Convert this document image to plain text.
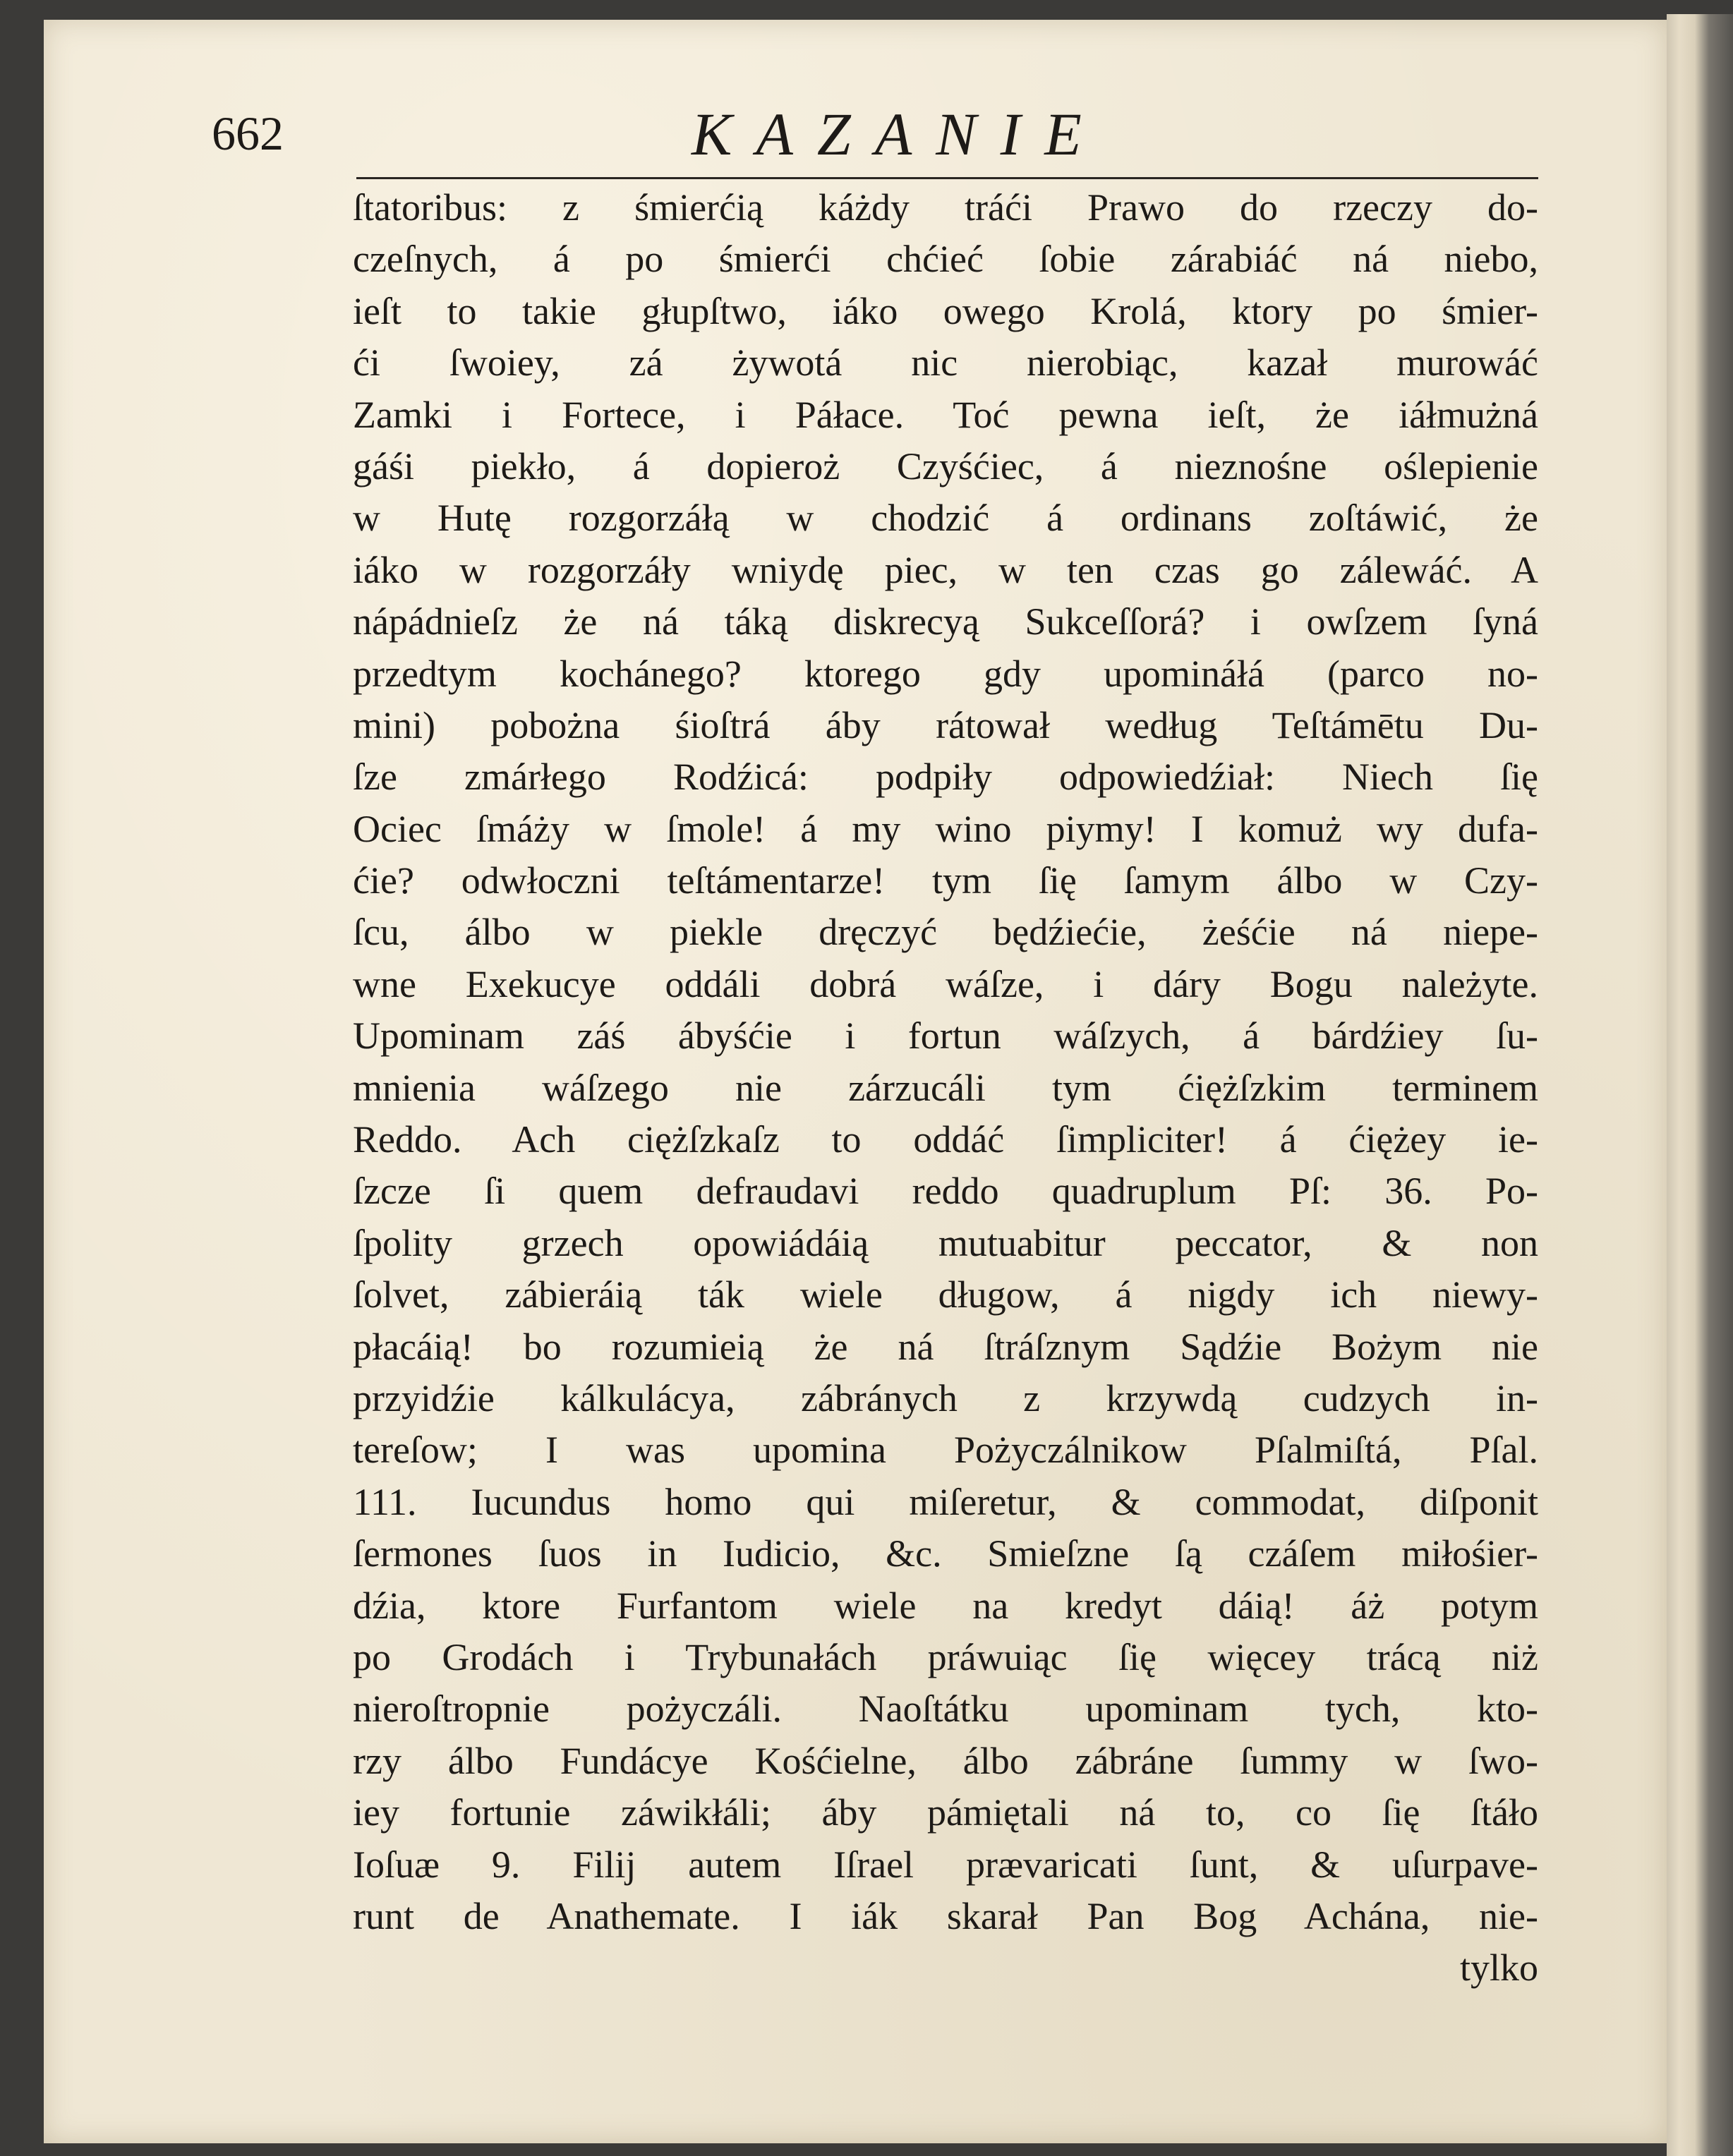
662	KAZANIE
ſtatoribus: z śmierćią káżdy tráći Prawo do rzeczy do-
czeſnych, á po śmierći chćieć ſobie zárabiáć ná niebo,
ieſt to takie głupſtwo, iáko owego Krolá, ktory po śmier-
ći ſwoiey, zá żywotá nic nierobiąc, kazał murowáć
Zamki i Fortece, i Páłace. Toć pewna ieſt, że iáłmużná
gáśi piekło, á dopieroż Czyśćiec, á nieznośne oślepienie
w Hutę rozgorzáłą w chodzić á ordinans zoſtáwić, że
iáko w rozgorzáły wniydę piec, w ten czas go zálewáć. A
nápádnieſz że ná táką diskrecyą Sukceſſorá? i owſzem ſyná
przedtym kochánego? ktorego gdy upomináłá (parco no-
mini) pobożna śioſtrá áby rátował według Teſtámētu Du-
ſze zmárłego Rodźicá: podpiły odpowiedźiał: Niech ſię
Ociec ſmáży w ſmole! á my wino piymy! I komuż wy dufa-
ćie? odwłoczni teſtámentarze! tym ſię ſamym álbo w Czy-
ſcu, álbo w piekle dręczyć będźiećie, żeśćie ná niepe-
wne Exekucye oddáli dobrá wáſze, i dáry Bogu należyte.
Upominam záś ábyśćie i fortun wáſzych, á bárdźiey ſu-
mnienia wáſzego nie zárzucáli tym ćiężſzkim terminem
Reddo. Ach ciężſzkaſz to oddáć ſimpliciter! á ćiężey ie-
ſzcze ſi quem defraudavi reddo quadruplum Pſ: 36. Po-
ſpolity grzech opowiádáią mutuabitur peccator, & non
ſolvet, zábieráią ták wiele długow, á nigdy ich niewy-
płacáią! bo rozumieią że ná ſtráſznym Sądźie Bożym nie
przyidźie kálkulácya, zábránych z krzywdą cudzych in-
tereſow; I was upomina Pożyczálnikow Pſalmiſtá, Pſal.
111. Iucundus homo qui miſeretur, & commodat, diſponit
ſermones ſuos in Iudicio, &c. Smieſzne ſą czáſem miłośier-
dźia, ktore Furfantom wiele na kredyt dáią! áż potym
po Grodách i Trybunałách práwuiąc ſię więcey trácą niż
nieroſtropnie pożyczáli. Naoſtátku upominam tych, kto-
rzy álbo Fundácye Kośćielne, álbo zábráne ſummy w ſwo-
iey fortunie záwikłáli; áby pámiętali ná to, co ſię ſtáło
Ioſuæ 9. Filij autem Iſrael prævaricati ſunt, & uſurpave-
runt de Anathemate. I iák skarał Pan Bog Achána, nie-
tylko
